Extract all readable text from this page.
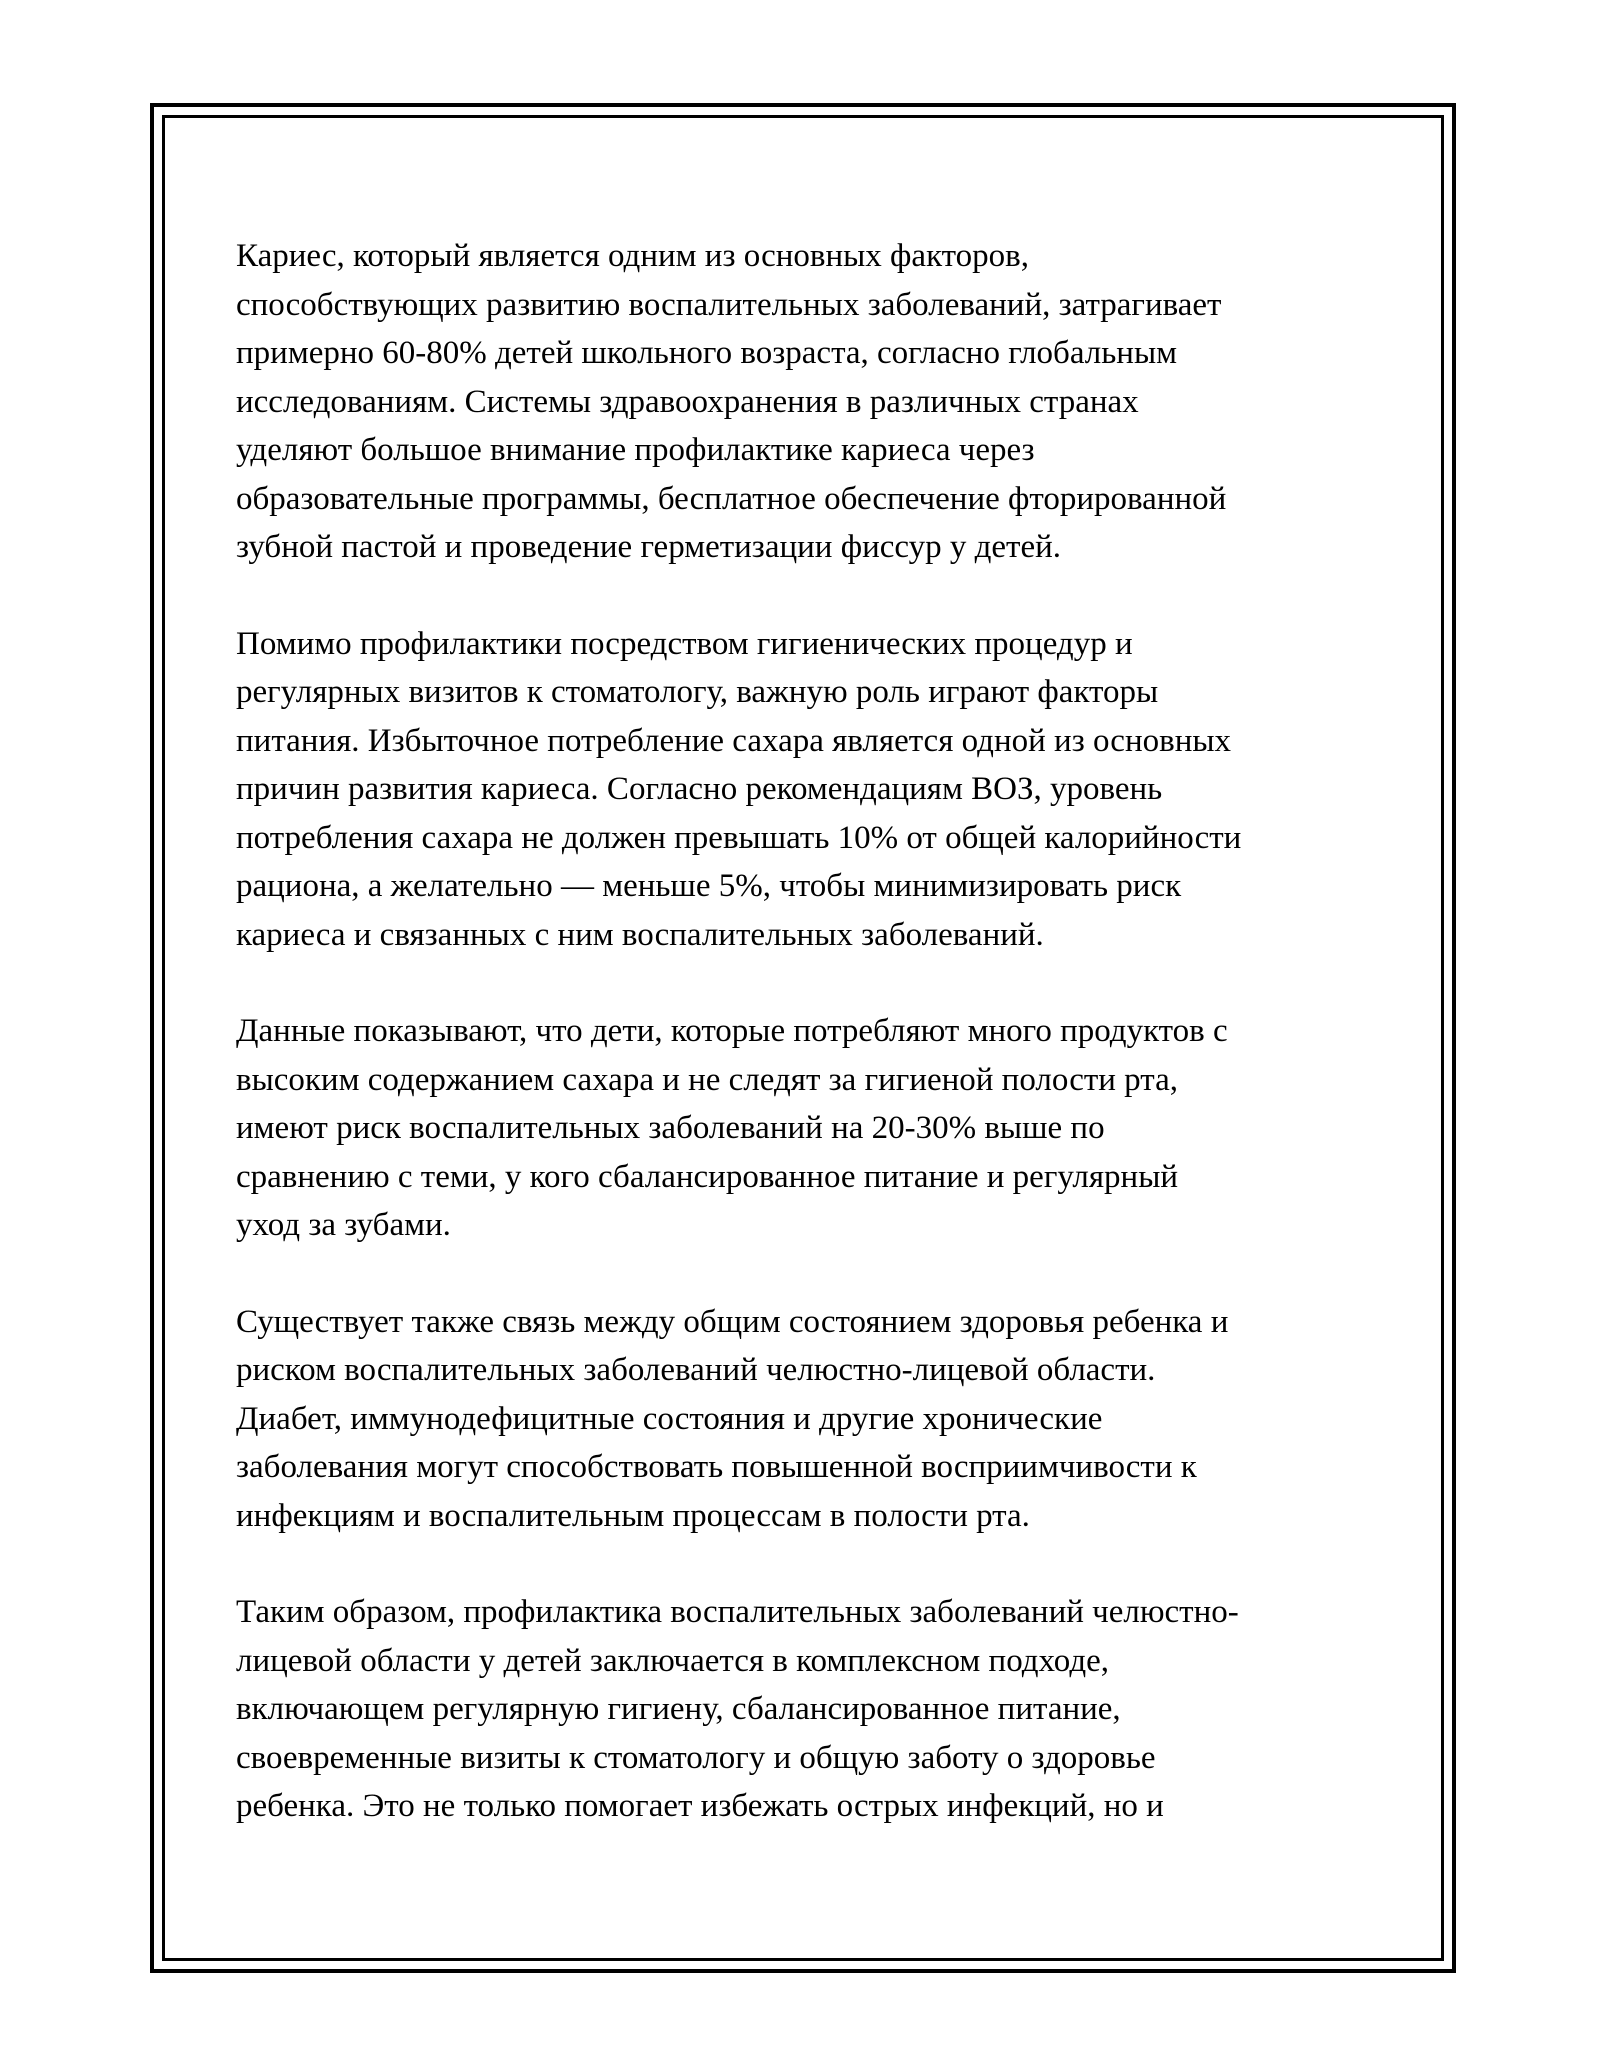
Кариес, который является одним из основных факторов,
способствующих развитию воспалительных заболеваний, затрагивает
примерно 60-80% детей школьного возраста, согласно глобальным
исследованиям. Системы здравоохранения в различных странах
уделяют большое внимание профилактике кариеса через
образовательные программы, бесплатное обеспечение фторированной
зубной пастой и проведение герметизации фиссур у детей.

Помимо профилактики посредством гигиенических процедур и
регулярных визитов к стоматологу, важную роль играют факторы
питания. Избыточное потребление сахара является одной из основных
причин развития кариеса. Согласно рекомендациям ВОЗ, уровень
потребления сахара не должен превышать 10% от общей калорийности
рациона, а желательно — меньше 5%, чтобы минимизировать риск
кариеса и связанных с ним воспалительных заболеваний.

Данные показывают, что дети, которые потребляют много продуктов с
высоким содержанием сахара и не следят за гигиеной полости рта,
имеют риск воспалительных заболеваний на 20-30% выше по
сравнению с теми, у кого сбалансированное питание и регулярный
уход за зубами.

Существует также связь между общим состоянием здоровья ребенка и
риском воспалительных заболеваний челюстно-лицевой области.
Диабет, иммунодефицитные состояния и другие хронические
заболевания могут способствовать повышенной восприимчивости к
инфекциям и воспалительным процессам в полости рта.

Таким образом, профилактика воспалительных заболеваний челюстно-
лицевой области у детей заключается в комплексном подходе,
включающем регулярную гигиену, сбалансированное питание,
своевременные визиты к стоматологу и общую заботу о здоровье
ребенка. Это не только помогает избежать острых инфекций, но и
